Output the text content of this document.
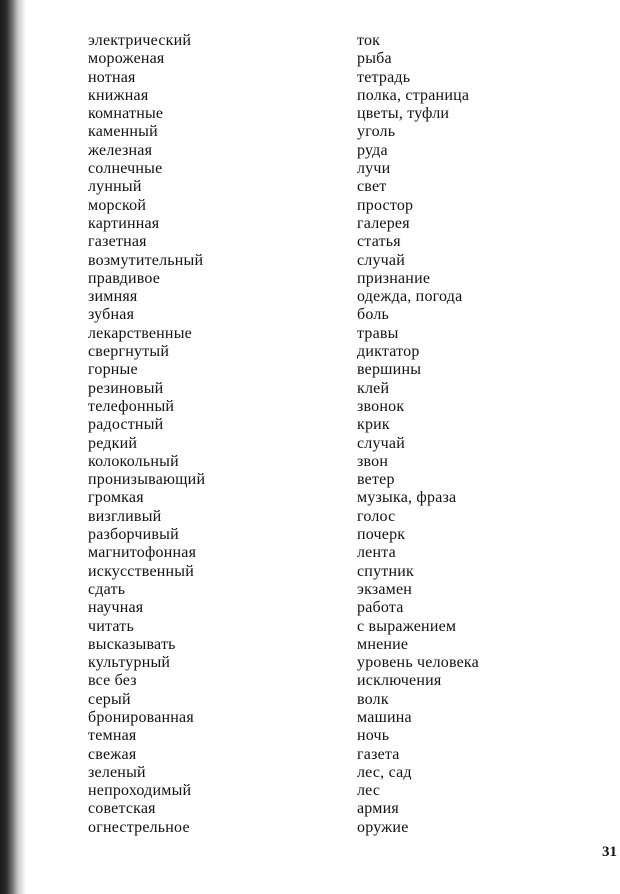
электрический
мороженая
нотная
книжная
комнатные
каменный
железная
солнечные
лунный
морской
картинная
газетная
возмутительный
правдивое
зимняя
зубная
лекарственные
свергнутый
горные
резиновый
телефонный
радостный
редкий
колокольный
пронизывающий
громкая
визгливый
разборчивый
магнитофонная
искусственный
сдать
научная
читать
высказывать
культурный
все без
серый
бронированная
темная
свежая
зеленый
непроходимый
советская
огнестрельное
ток
рыба
тетрадь
полка, страница
цветы, туфли
уголь
руда
лучи
свет
простор
галерея
статья
случай
признание
одежда, погода
боль
травы
диктатор
вершины
клей
звонок
крик
случай
звон
ветер
музыка, фраза
голос
почерк
лента
спутник
экзамен
работа
с выражением
мнение
уровень человека
исключения
волк
машина
ночь
газета
лес, сад
лес
армия
оружие
31
